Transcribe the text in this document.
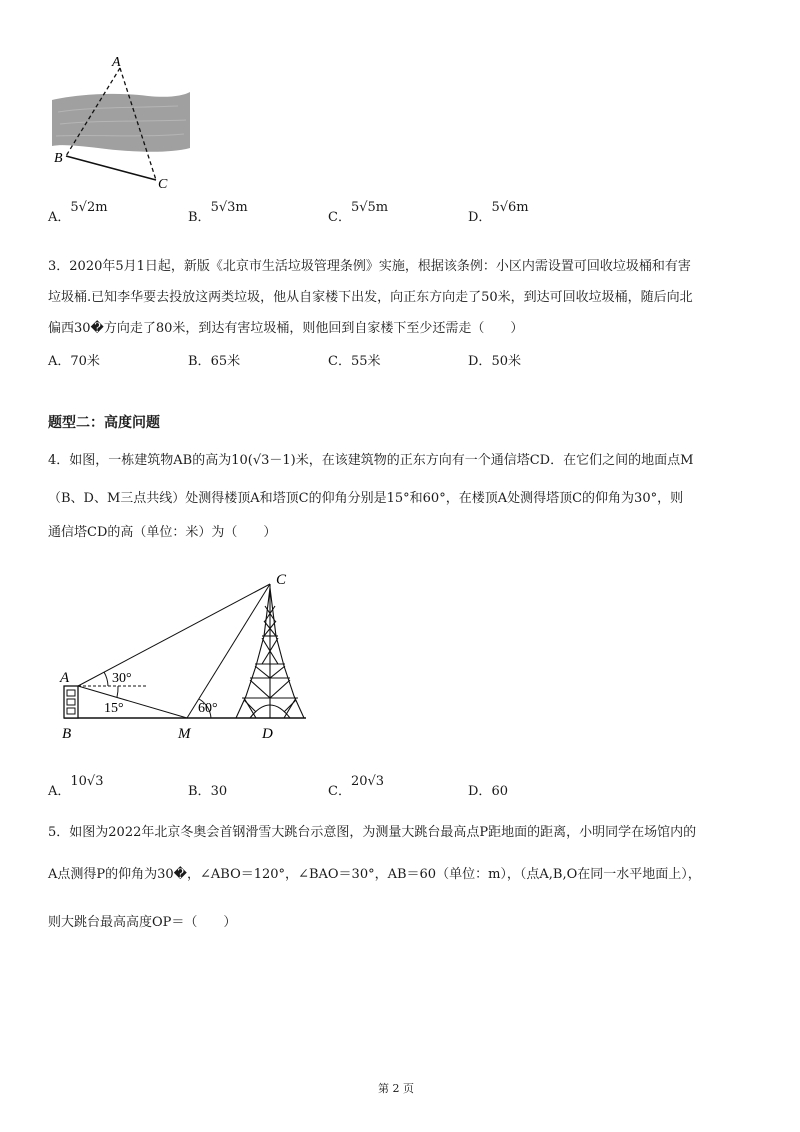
A
B
C
A．5√2m
B．5√3m
C．5√5m
D．5√6m
3．2020年5月1日起，新版《北京市生活垃圾管理条例》实施，根据该条例：小区内需设置可回收垃圾桶和有害
垃圾桶.已知李华要去投放这两类垃圾，他从自家楼下出发，向正东方向走了50米，到达可回收垃圾桶，随后向北
偏西30�方向走了80米，到达有害垃圾桶，则他回到自家楼下至少还需走（　　）
A．70米	B．65米	C．55米	D．50米
题型二：高度问题
4．如图，一栋建筑物AB的高为10(√3－1)米，在该建筑物的正东方向有一个通信塔CD．在它们之间的地面点M
（B、D、M三点共线）处测得楼顶A和塔顶C的仰角分别是15°和60°，在楼顶A处测得塔顶C的仰角为30°，则
通信塔CD的高（单位：米）为（　　）
C
A
B	M	D
30°
15°	60°
A．10√3
B．30	C．20√3
D．60
5．如图为2022年北京冬奥会首钢滑雪大跳台示意图，为测量大跳台最高点P距地面的距离，小明同学在场馆内的
A点测得P的仰角为30�，∠ABO＝120°，∠BAO＝30°，AB＝60（单位：m），（点A,B,O在同一水平地面上），
则大跳台最高高度OP＝（　　）
第 2 页
